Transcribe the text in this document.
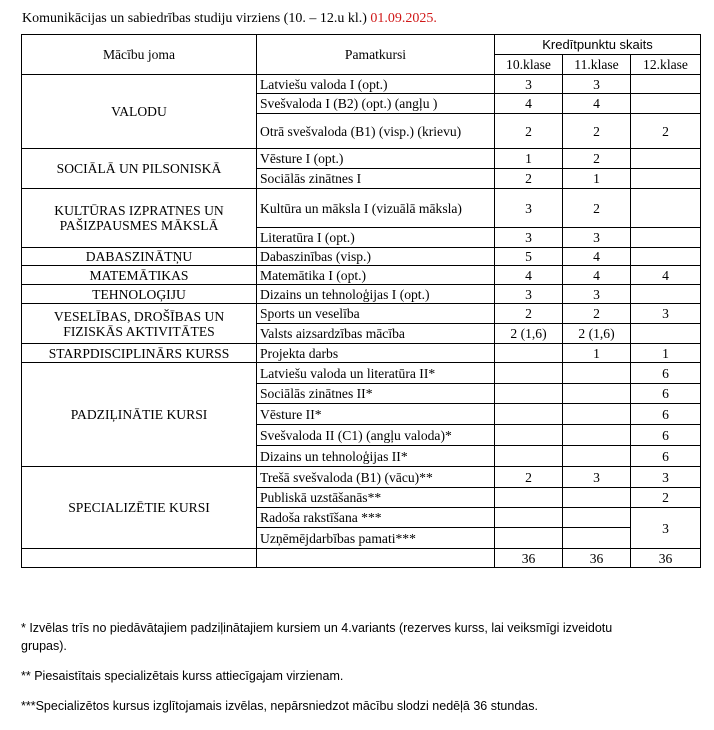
Komunikācijas un sabiedrības studiju virziens (10. – 12.u kl.) 01.09.2025.
Mācību joma	Pamatkursi	Kredītpunktu skaits		
		10.klase	11.klase	12.klase
VALODU	Latviešu valoda I (opt.)	3	3	
	Svešvaloda I (B2) (opt.) (angļu )	4	4	
	Otrā svešvaloda (B1) (visp.) (krievu)	2	2	2
SOCIĀLĀ UN PILSONISKĀ	Vēsture I (opt.)	1	2	
	Sociālās zinātnes I	2	1	
KULTŪRAS IZPRATNES UN PAŠIZPAUSMES MĀKSLĀ	Kultūra un māksla I (vizuālā māksla)	3	2	
	Literatūra I (opt.)	3	3	
DABASZINĀTŅU	Dabaszinības (visp.)	5	4	
MATEMĀTIKAS	Matemātika I (opt.)	4	4	4
TEHNOLOĢIJU	Dizains un tehnoloģijas I (opt.)	3	3	
VESELĪBAS, DROŠĪBAS UN FIZISKĀS AKTIVITĀTES	Sports un veselība	2	2	3
	Valsts aizsardzības mācība	2 (1,6)	2 (1,6)	
STARPDISCIPLINĀRS KURSS	Projekta darbs		1	1
PADZIĻINĀTIE KURSI	Latviešu valoda un literatūra II*			6
	Sociālās zinātnes II*			6
	Vēsture II*			6
	Svešvaloda II (C1) (angļu valoda)*			6
	Dizains un tehnoloģijas II*			6
SPECIALIZĒTIE KURSI	Trešā svešvaloda (B1) (vācu)**	2	3	3
	Publiskā uzstāšanās**			2
	Radoša rakstīšana ***			3
	Uzņēmējdarbības pamati***			
		36	36	36
* Izvēlas trīs no piedāvātajiem padziļinātajiem kursiem un 4.variants (rezerves kurss, lai veiksmīgi izveidotu grupas).
** Piesaistītais specializētais kurss attiecīgajam virzienam.
***Specializētos kursus izglītojamais izvēlas, nepārsniedzot mācību slodzi nedēļā 36 stundas.
